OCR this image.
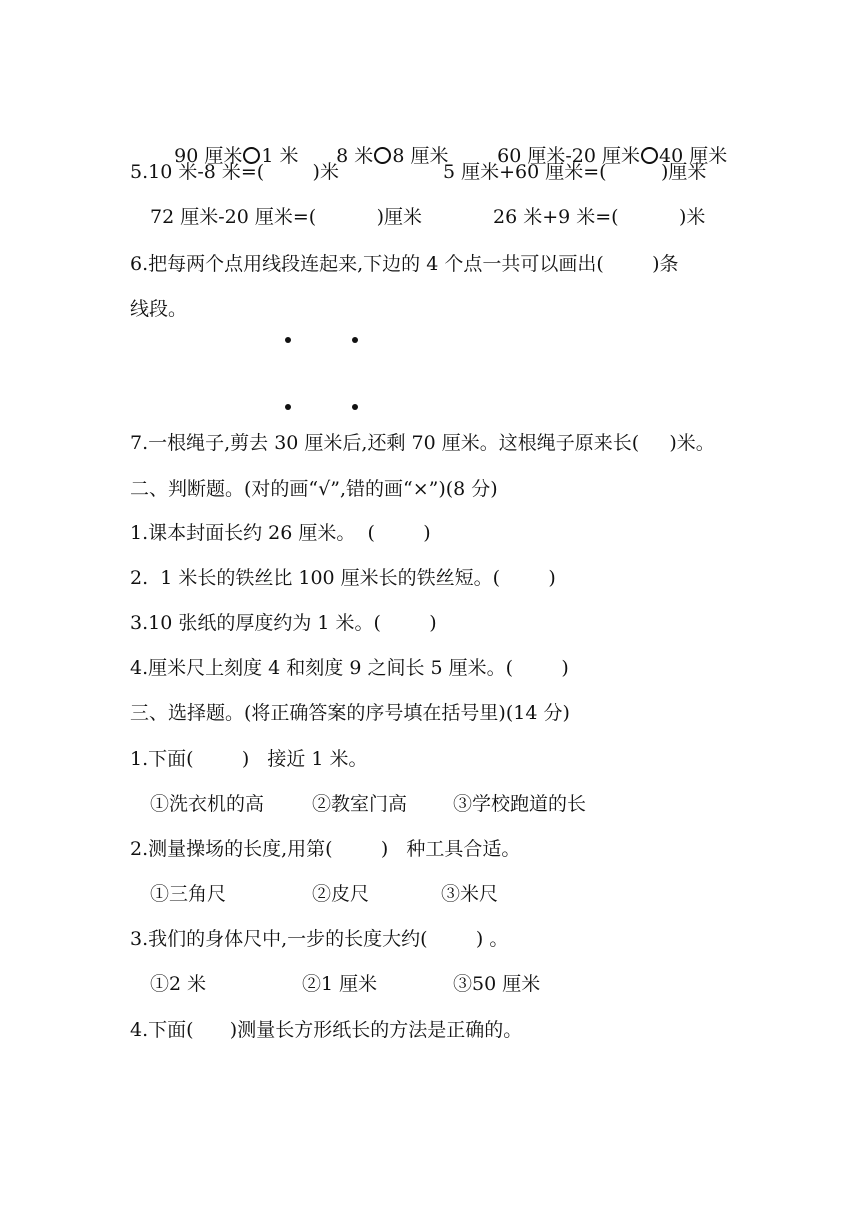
90 厘米 1 米

	8 米 8 厘米

	60 厘米-20 厘米 40 厘米

5.10 米-8 米=(        )米

	5 厘米+60 厘米=(         )厘米

72 厘米-20 厘米=(          )厘米

	26 米+9 米=(          )米

6.把每两个点用线段连起来,下边的 4 个点一共可以画出(        )条

线段。

7.一根绳子,剪去 30 厘米后,还剩 70 厘米。这根绳子原来长(     )米。

二、判断题。(对的画“√”,错的画“×”)(8 分)

1.课本封面长约 26 厘米。  (        )

2.  1 米长的铁丝比 100 厘米长的铁丝短。(        )

3.10 张纸的厚度约为 1 米。(        )

4.厘米尺上刻度 4 和刻度 9 之间长 5 厘米。(        )

三、选择题。(将正确答案的序号填在括号里)(14 分)

1.下面(        )   接近 1 米。

①洗衣机的高

	②教室门高

③学校跑道的长

2.测量操场的长度,用第(        )   种工具合适。

①三角尺

	②皮尺

	③米尺

3.我们的身体尺中,一步的长度大约(        ) 。

①2 米

	②1 厘米

	③50 厘米

4.下面(      )测量长方形纸长的方法是正确的。
